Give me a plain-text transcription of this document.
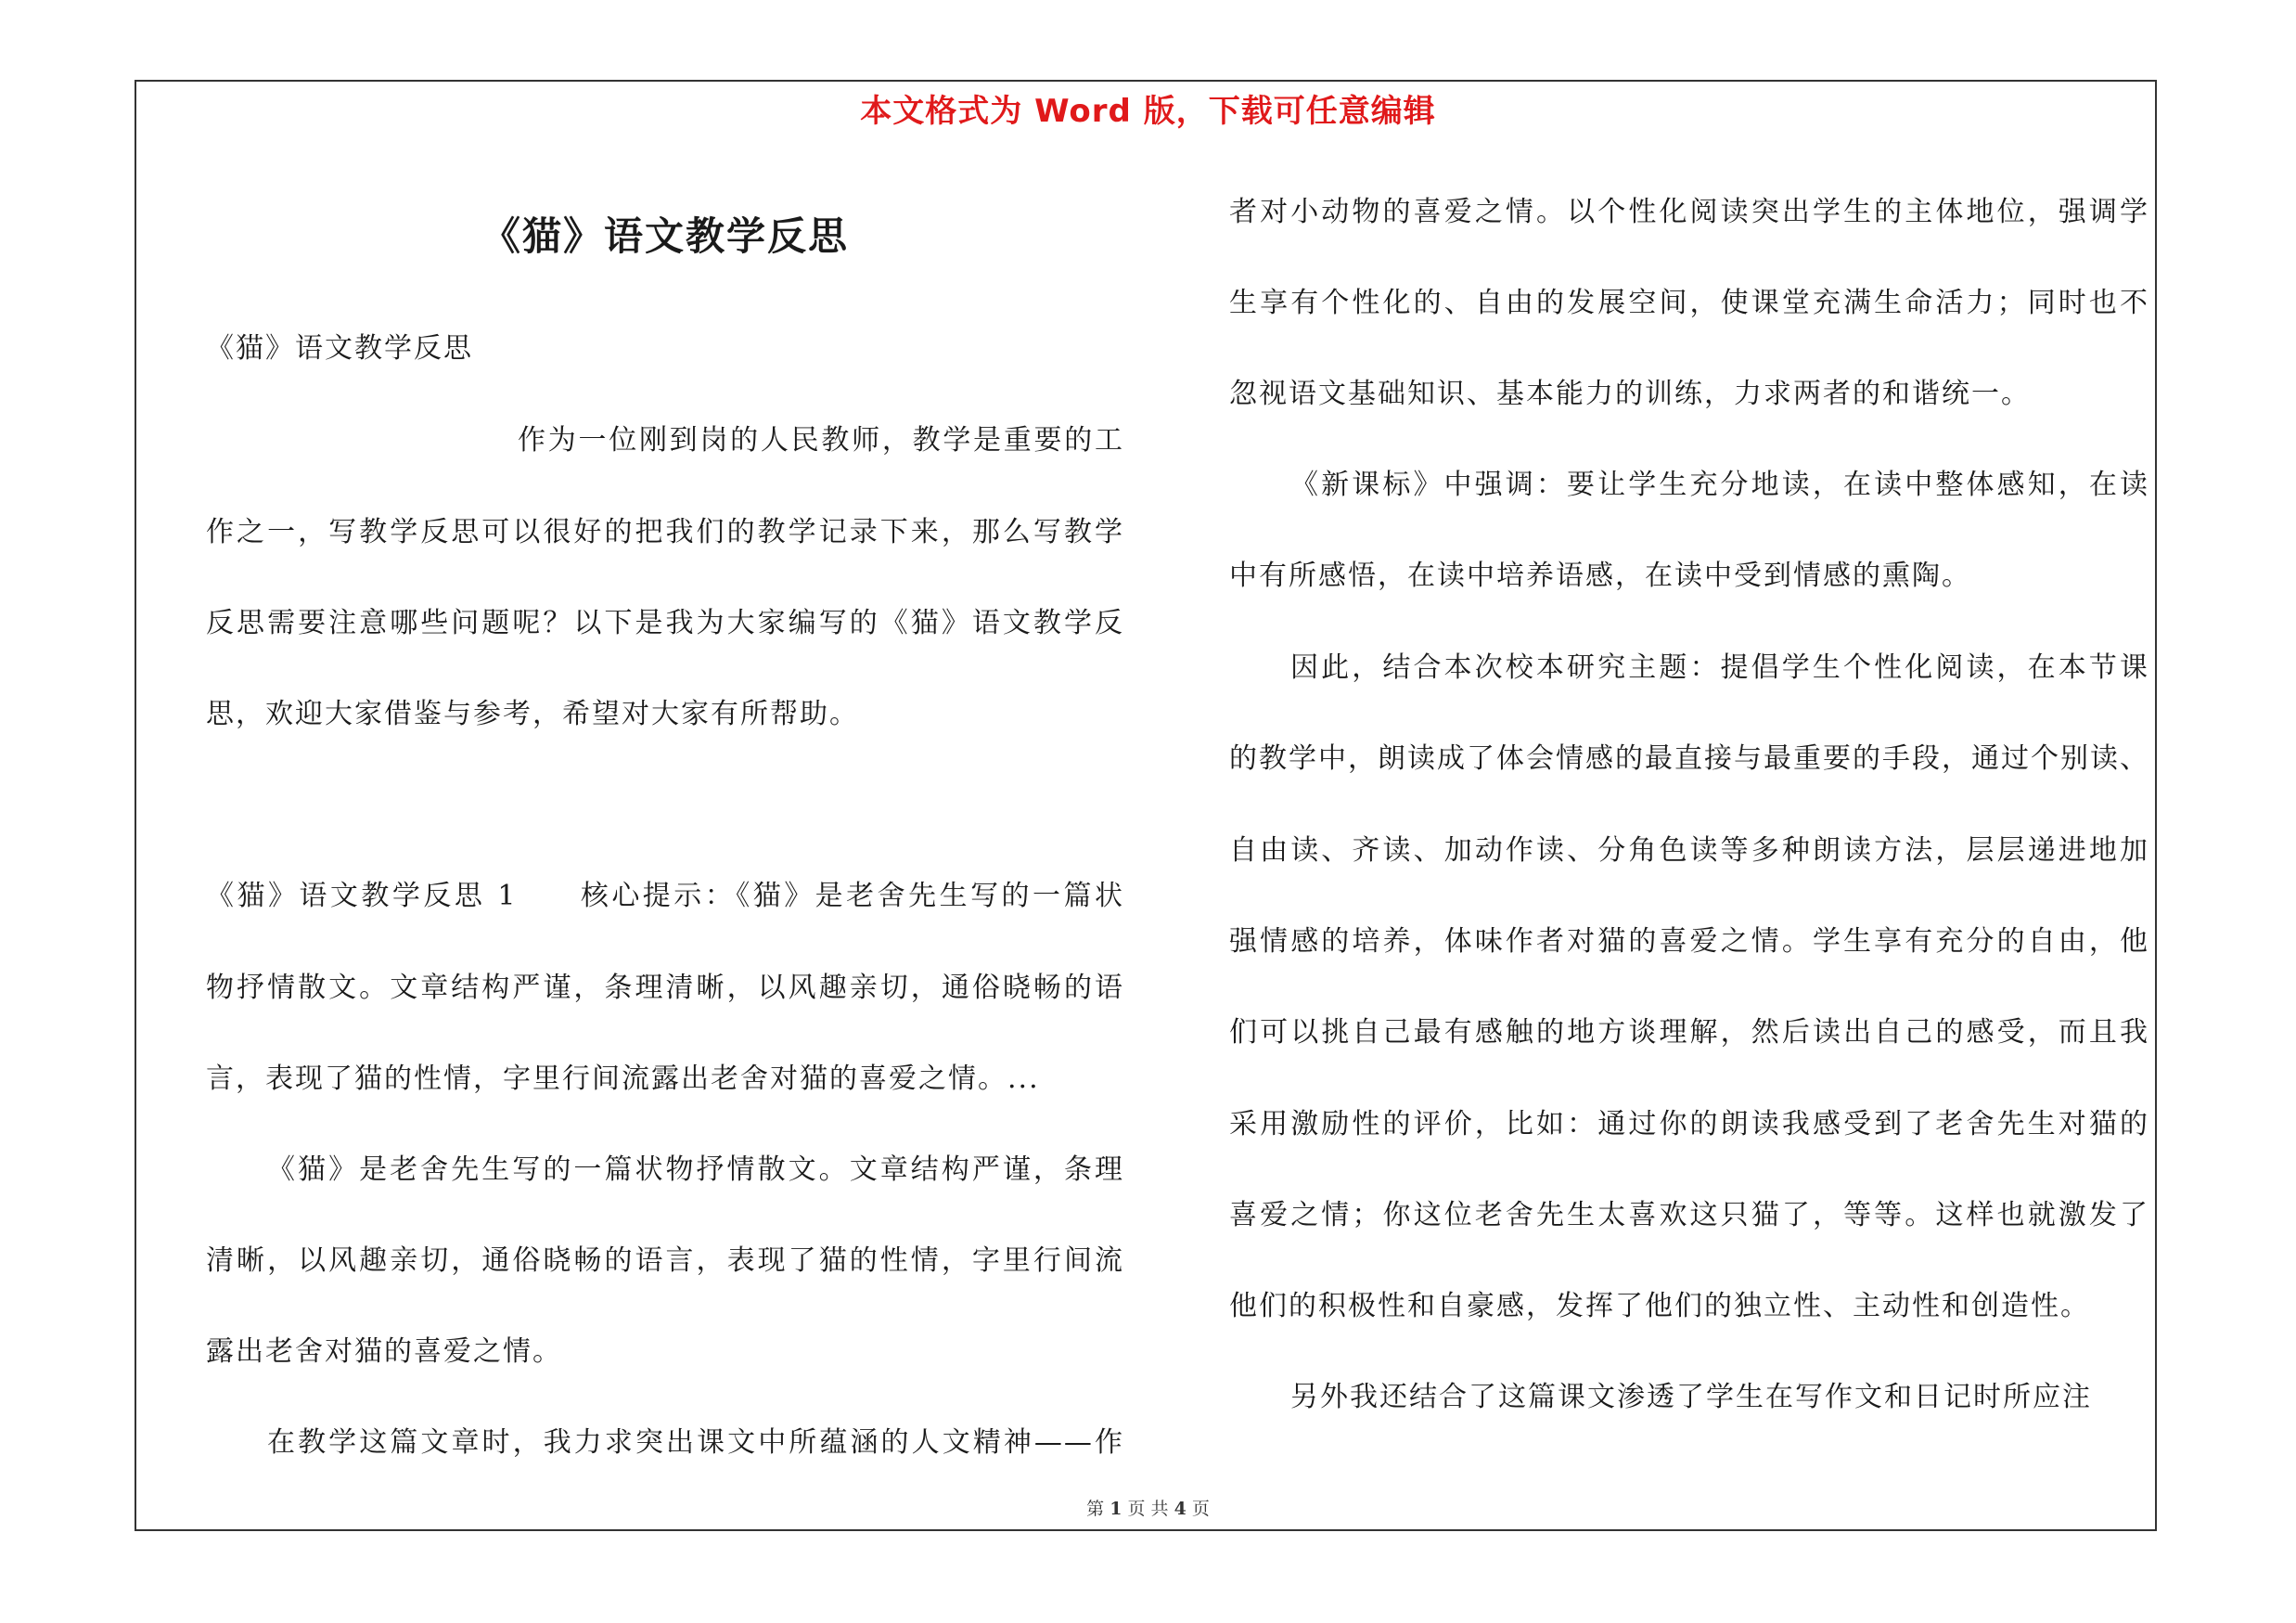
本文格式为 Word 版，下载可任意编辑
《猫》语文教学反思
《猫》语文教学反思
作为一位刚到岗的人民教师，教学是重要的工
作之一，写教学反思可以很好的把我们的教学记录下来，那么写教学
反思需要注意哪些问题呢？以下是我为大家编写的《猫》语文教学反
思，欢迎大家借鉴与参考，希望对大家有所帮助。
《猫》语文教学反思 1　　核心提示：《猫》是老舍先生写的一篇状
物抒情散文。文章结构严谨，条理清晰，以风趣亲切，通俗晓畅的语
言，表现了猫的性情，字里行间流露出老舍对猫的喜爱之情。...
《猫》是老舍先生写的一篇状物抒情散文。文章结构严谨，条理
清晰，以风趣亲切，通俗晓畅的语言，表现了猫的性情，字里行间流
露出老舍对猫的喜爱之情。
在教学这篇文章时，我力求突出课文中所蕴涵的人文精神——作
者对小动物的喜爱之情。以个性化阅读突出学生的主体地位，强调学
生享有个性化的、自由的发展空间，使课堂充满生命活力；同时也不
忽视语文基础知识、基本能力的训练，力求两者的和谐统一。
《新课标》中强调：要让学生充分地读，在读中整体感知，在读
中有所感悟，在读中培养语感，在读中受到情感的熏陶。
因此，结合本次校本研究主题：提倡学生个性化阅读，在本节课
的教学中，朗读成了体会情感的最直接与最重要的手段，通过个别读、
自由读、齐读、加动作读、分角色读等多种朗读方法，层层递进地加
强情感的培养，体味作者对猫的喜爱之情。学生享有充分的自由，他
们可以挑自己最有感触的地方谈理解，然后读出自己的感受，而且我
采用激励性的评价，比如：通过你的朗读我感受到了老舍先生对猫的
喜爱之情；你这位老舍先生太喜欢这只猫了，等等。这样也就激发了
他们的积极性和自豪感，发挥了他们的独立性、主动性和创造性。
另外我还结合了这篇课文渗透了学生在写作文和日记时所应注
第 1 页 共 4 页
